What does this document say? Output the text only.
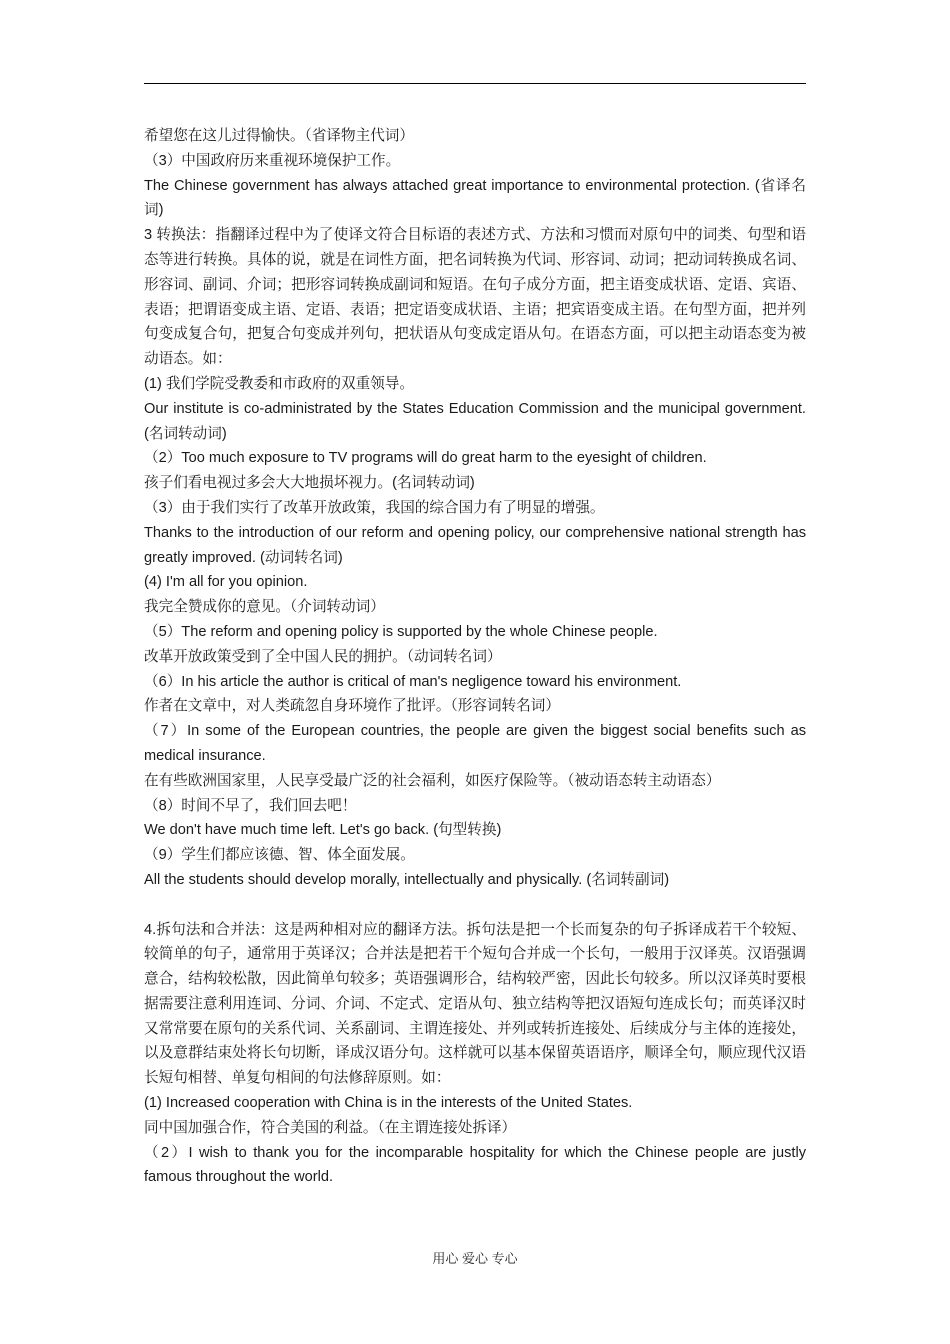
希望您在这儿过得愉快。（省译物主代词）

（3）中国政府历来重视环境保护工作。

The Chinese government has always attached great importance to environmental protection. (省译名词)

3 转换法：指翻译过程中为了使译文符合目标语的表述方式、方法和习惯而对原句中的词类、句型和语态等进行转换。具体的说，就是在词性方面，把名词转换为代词、形容词、动词；把动词转换成名词、形容词、副词、介词；把形容词转换成副词和短语。在句子成分方面，把主语变成状语、定语、宾语、表语；把谓语变成主语、定语、表语；把定语变成状语、主语；把宾语变成主语。在句型方面，把并列句变成复合句，把复合句变成并列句，把状语从句变成定语从句。在语态方面，可以把主动语态变为被动语态。如：

(1) 我们学院受教委和市政府的双重领导。

Our institute is co-administrated by the States Education Commission and the municipal government. (名词转动词)

（2）Too much exposure to TV programs will do great harm to the eyesight of children.

孩子们看电视过多会大大地损坏视力。(名词转动词)

（3）由于我们实行了改革开放政策，我国的综合国力有了明显的增强。

Thanks to the introduction of our reform and opening policy, our comprehensive national strength has greatly improved. (动词转名词)

(4) I'm all for you opinion.

我完全赞成你的意见。（介词转动词）

（5）The reform and opening policy is supported by the whole Chinese people.

改革开放政策受到了全中国人民的拥护。（动词转名词）

（6）In his article the author is critical of man's negligence toward his environment.

作者在文章中，对人类疏忽自身环境作了批评。（形容词转名词）

（7）In some of the European countries, the people are given the biggest social benefits such as medical insurance.

在有些欧洲国家里，人民享受最广泛的社会福利，如医疗保险等。（被动语态转主动语态）

（8）时间不早了，我们回去吧！

We don't have much time left. Let's go back. (句型转换)

（9）学生们都应该德、智、体全面发展。

All the students should develop morally, intellectually and physically. (名词转副词)

4.拆句法和合并法：这是两种相对应的翻译方法。拆句法是把一个长而复杂的句子拆译成若干个较短、较简单的句子，通常用于英译汉；合并法是把若干个短句合并成一个长句，一般用于汉译英。汉语强调意合，结构较松散，因此简单句较多；英语强调形合，结构较严密，因此长句较多。所以汉译英时要根据需要注意利用连词、分词、介词、不定式、定语从句、独立结构等把汉语短句连成长句；而英译汉时又常常要在原句的关系代词、关系副词、主谓连接处、并列或转折连接处、后续成分与主体的连接处，以及意群结束处将长句切断，译成汉语分句。这样就可以基本保留英语语序，顺译全句，顺应现代汉语长短句相替、单复句相间的句法修辞原则。如：

(1) Increased cooperation with China is in the interests of the United States.

同中国加强合作，符合美国的利益。（在主谓连接处拆译）

（2）I wish to thank you for the incomparable hospitality for which the Chinese people are justly famous throughout the world.

用心 爱心 专心
